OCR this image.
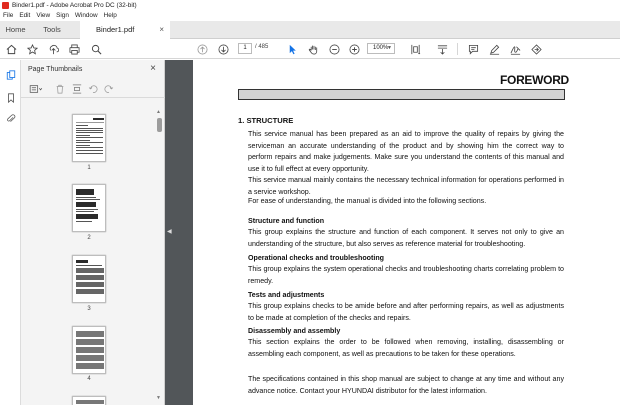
Binder1.pdf - Adobe Acrobat Pro DC (32-bit)
File Edit View Sign Window Help
Home	Tools	Binder1.pdf	×
1	/ 485	100%
▼
Page Thumbnails	×
1
2
3
4
▲
▼
◀
FOREWORD
1. STRUCTURE
This service manual has been prepared as an aid to improve the quality of repairs by giving the serviceman an accurate understanding of the product and by showing him the correct way to perform repairs and make judgements. Make sure you understand the contents of this manual and use it to full effect at every opportunity.
This service manual mainly contains the necessary technical information for operations performed in a service workshop.
For ease of understanding, the manual is divided into the following sections.
Structure and function
This group explains the structure and function of each component. It serves not only to give an understanding of the structure, but also serves as reference material for troubleshooting.
Operational checks and troubleshooting
This group explains the system operational checks and troubleshooting charts correlating problem to remedy.
Tests and adjustments
This group explains checks to be amide before and after performing repairs, as well as adjustments to be made at completion of the checks and repairs.
Disassembly and assembly
This section explains the order to be followed when removing, installing, disassembling or assembling each component, as well as precautions to be taken for these operations.
The specifications contained in this shop manual are subject to change at any time and without any advance notice. Contact your HYUNDAI distributor for the latest information.
